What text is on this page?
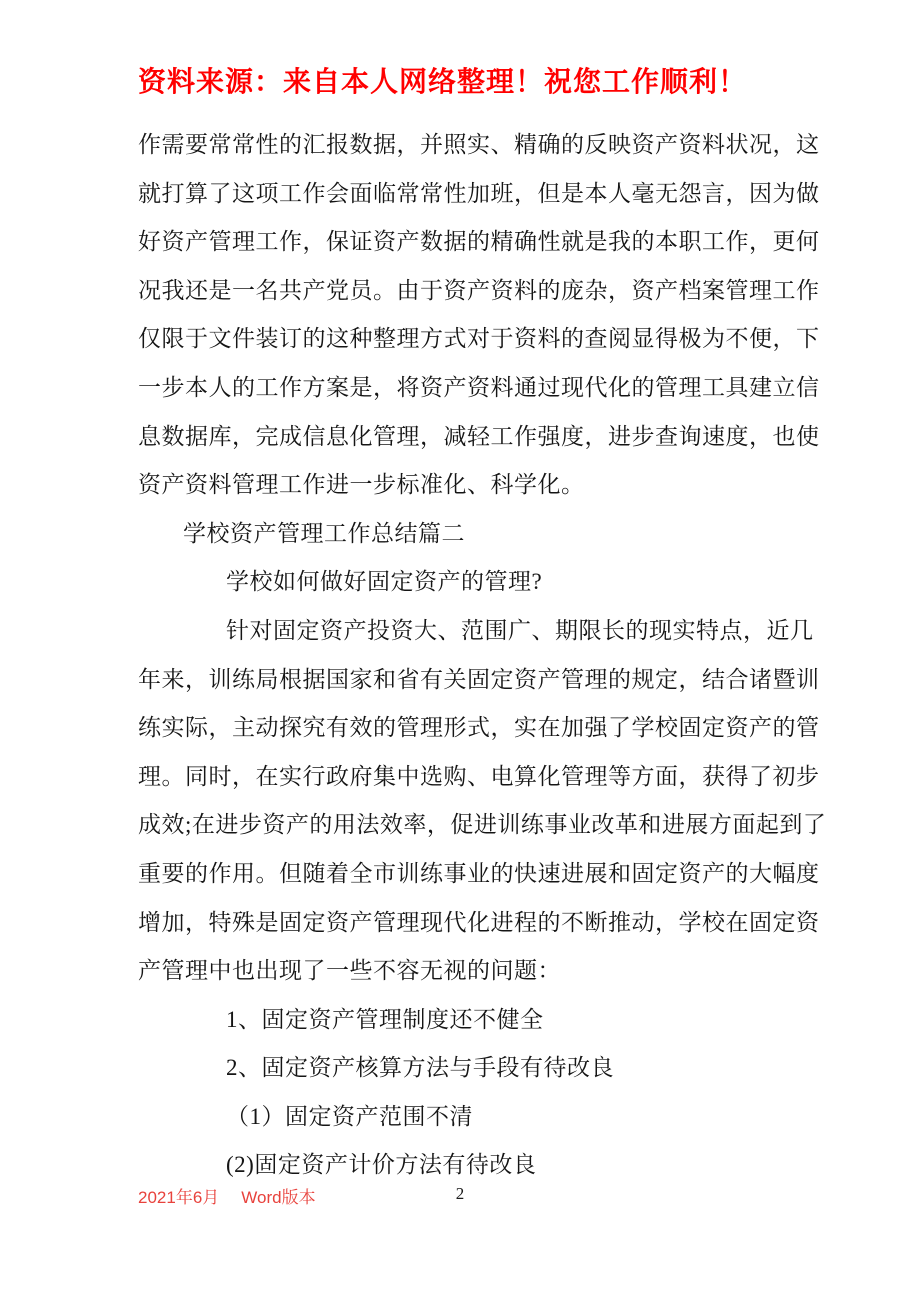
资料来源：来自本人网络整理！祝您工作顺利！
作需要常常性的汇报数据，并照实、精确的反映资产资料状况，这
就打算了这项工作会面临常常性加班，但是本人毫无怨言，因为做
好资产管理工作，保证资产数据的精确性就是我的本职工作，更何
况我还是一名共产党员。由于资产资料的庞杂，资产档案管理工作
仅限于文件装订的这种整理方式对于资料的查阅显得极为不便，下
一步本人的工作方案是，将资产资料通过现代化的管理工具建立信
息数据库，完成信息化管理，减轻工作强度，进步查询速度，也使
资产资料管理工作进一步标准化、科学化。
学校资产管理工作总结篇二
学校如何做好固定资产的管理?
针对固定资产投资大、范围广、期限长的现实特点，近几
年来，训练局根据国家和省有关固定资产管理的规定，结合诸暨训
练实际，主动探究有效的管理形式，实在加强了学校固定资产的管
理。同时，在实行政府集中选购、电算化管理等方面，获得了初步
成效;在进步资产的用法效率，促进训练事业改革和进展方面起到了
重要的作用。但随着全市训练事业的快速进展和固定资产的大幅度
增加，特殊是固定资产管理现代化进程的不断推动，学校在固定资
产管理中也出现了一些不容无视的问题：
1、固定资产管理制度还不健全
2、固定资产核算方法与手段有待改良
（1）固定资产范围不清
(2)固定资产计价方法有待改良
2021年6月 Word版本	2
